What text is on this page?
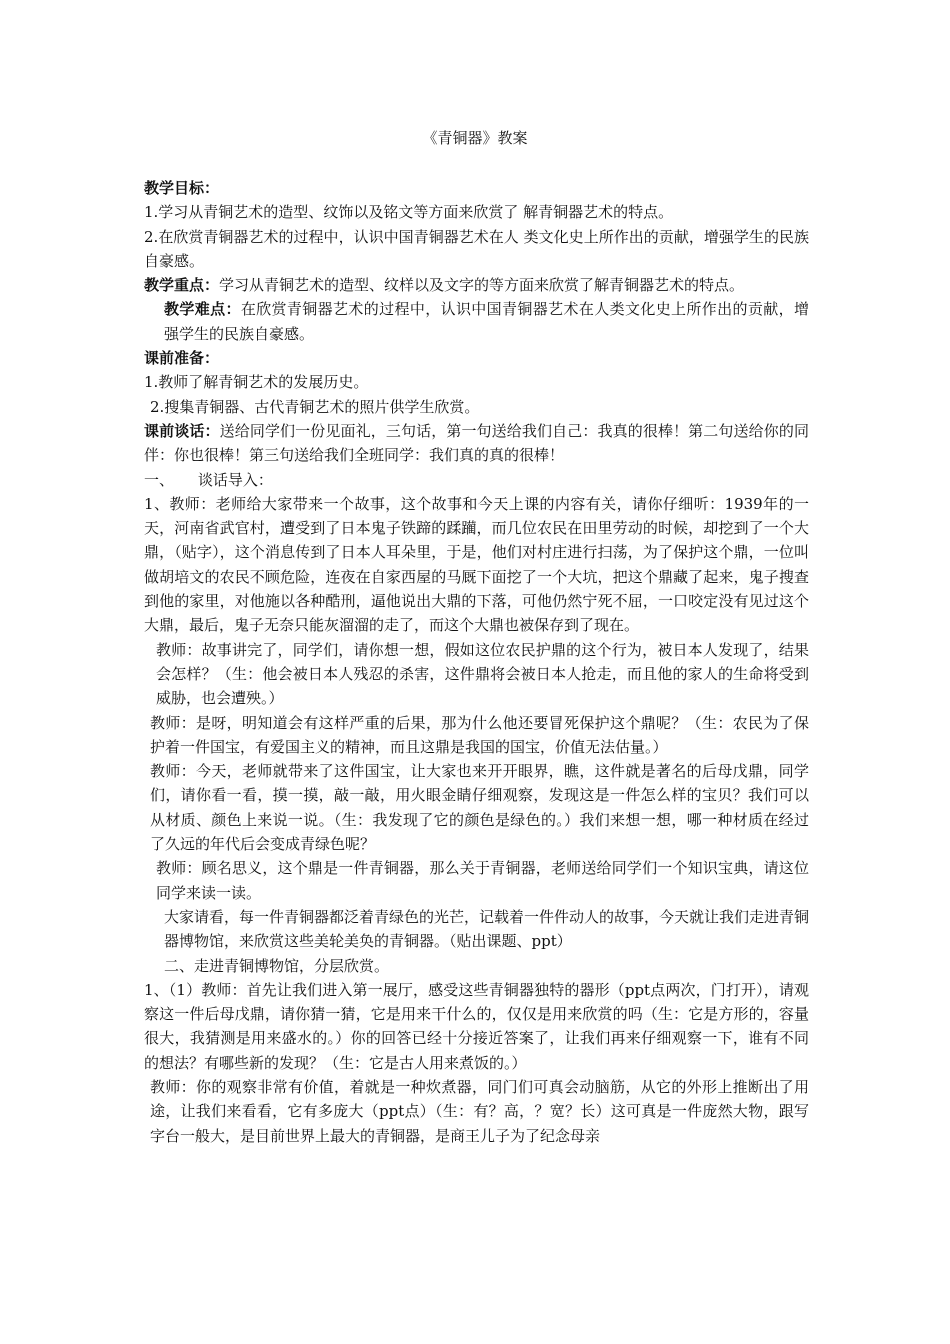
《青铜器》教案

教学目标：

1.学习从青铜艺术的造型、纹饰以及铭文等方面来欣赏了 解青铜器艺术的特点。

2.在欣赏青铜器艺术的过程中，认识中国青铜器艺术在人 类文化史上所作出的贡献，增强学生的民族自豪感。

教学重点：学习从青铜艺术的造型、纹样以及文字的等方面来欣赏了解青铜器艺术的特点。

教学难点：在欣赏青铜器艺术的过程中，认识中国青铜器艺术在人类文化史上所作出的贡献，增强学生的民族自豪感。

课前准备：

1.教师了解青铜艺术的发展历史。

2.搜集青铜器、古代青铜艺术的照片供学生欣赏。

课前谈话：送给同学们一份见面礼，三句话，第一句送给我们自己：我真的很棒！第二句送给你的同伴：你也很棒！第三句送给我们全班同学：我们真的真的很棒！

一、     谈话导入：

1、教师：老师给大家带来一个故事，这个故事和今天上课的内容有关，请你仔细听：1939年的一天，河南省武官村，遭受到了日本鬼子铁蹄的蹂躏，而几位农民在田里劳动的时候，却挖到了一个大鼎，（贴字），这个消息传到了日本人耳朵里，于是，他们对村庄进行扫荡，为了保护这个鼎，一位叫做胡培文的农民不顾危险，连夜在自家西屋的马厩下面挖了一个大坑，把这个鼎藏了起来，鬼子搜查到他的家里，对他施以各种酷刑，逼他说出大鼎的下落，可他仍然宁死不屈，一口咬定没有见过这个大鼎，最后，鬼子无奈只能灰溜溜的走了，而这个大鼎也被保存到了现在。

教师：故事讲完了，同学们，请你想一想，假如这位农民护鼎的这个行为，被日本人发现了，结果会怎样？（生：他会被日本人残忍的杀害，这件鼎将会被日本人抢走，而且他的家人的生命将受到威胁，也会遭殃。）

教师：是呀，明知道会有这样严重的后果，那为什么他还要冒死保护这个鼎呢？（生：农民为了保护着一件国宝，有爱国主义的精神，而且这鼎是我国的国宝，价值无法估量。）

教师：今天，老师就带来了这件国宝，让大家也来开开眼界，瞧，这件就是著名的后母戊鼎，同学们，请你看一看，摸一摸，敲一敲，用火眼金睛仔细观察，发现这是一件怎么样的宝贝？我们可以从材质、颜色上来说一说。（生：我发现了它的颜色是绿色的。）我们来想一想，哪一种材质在经过了久远的年代后会变成青绿色呢？

教师：顾名思义，这个鼎是一件青铜器，那么关于青铜器，老师送给同学们一个知识宝典，请这位同学来读一读。

大家请看，每一件青铜器都泛着青绿色的光芒，记载着一件件动人的故事，今天就让我们走进青铜器博物馆，来欣赏这些美轮美奂的青铜器。（贴出课题、ppt）

二、走进青铜博物馆，分层欣赏。

1、（1）教师：首先让我们进入第一展厅，感受这些青铜器独特的器形（ppt点两次，门打开），请观察这一件后母戊鼎，请你猜一猜，它是用来干什么的，仅仅是用来欣赏的吗（生：它是方形的，容量很大，我猜测是用来盛水的。）你的回答已经十分接近答案了，让我们再来仔细观察一下，谁有不同的想法？有哪些新的发现？（生：它是古人用来煮饭的。）

教师：你的观察非常有价值，着就是一种炊煮器，同门们可真会动脑筋，从它的外形上推断出了用途，让我们来看看，它有多庞大（ppt点）（生：有？高，？宽？长）这可真是一件庞然大物，跟写字台一般大，是目前世界上最大的青铜器，是商王儿子为了纪念母亲
